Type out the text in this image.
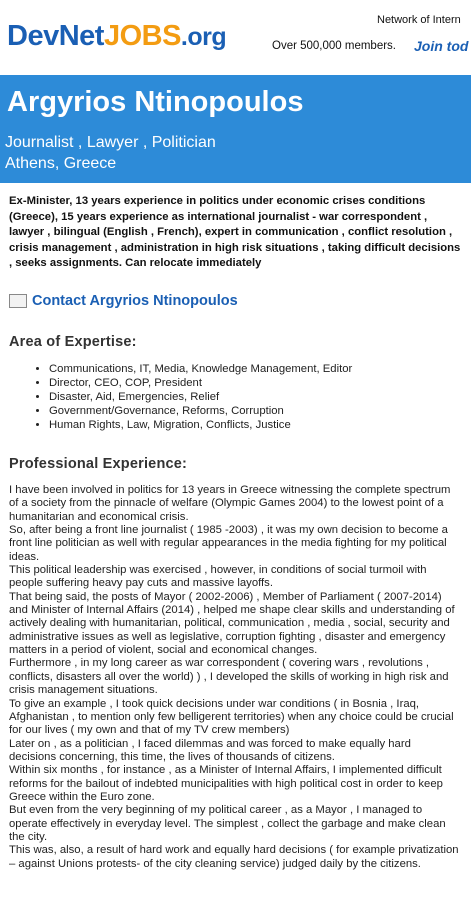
DevNetJOBS.org
Network of Intern
Over 500,000 members. Join tod
Argyrios Ntinopoulos
Journalist , Lawyer , Politician
Athens, Greece
Ex-Minister, 13 years experience in politics under economic crises conditions (Greece), 15 years experience as international journalist - war correspondent , lawyer , bilingual (English , French), expert in communication , conflict resolution , crisis management , administration in high risk situations , taking difficult decisions , seeks assignments. Can relocate immediately
Contact Argyrios Ntinopoulos
Area of Expertise:
• Communications, IT, Media, Knowledge Management, Editor
• Director, CEO, COP, President
• Disaster, Aid, Emergencies, Relief
• Government/Governance, Reforms, Corruption
• Human Rights, Law, Migration, Conflicts, Justice
Professional Experience:

I have been involved in politics for 13 years in Greece witnessing the complete spectrum of a society from the pinnacle of welfare (Olympic Games 2004) to the lowest point of a humanitarian and economical crisis.

So, after being a front line journalist ( 1985 -2003) , it was my own decision to become a front line politician as well with regular appearances in the media fighting for my political ideas.

This political leadership was exercised , however, in conditions of social turmoil with people suffering heavy pay cuts and massive layoffs.

That being said, the posts of Mayor ( 2002-2006) , Member of Parliament ( 2007-2014) and Minister of Internal Affairs (2014) , helped me shape clear skills and understanding of actively dealing with humanitarian, political, communication , media , social, security and administrative issues as well as legislative, corruption fighting , disaster and emergency matters in a period of violent, social and economical changes.

Furthermore , in my long career as war correspondent ( covering wars , revolutions , conflicts, disasters all over the world) ) , I developed the skills of working in high risk and crisis management situations.

To give an example , I took quick decisions under war conditions ( in Bosnia , Iraq, Afghanistan , to mention only few belligerent territories) when any choice could be crucial for our lives ( my own and that of my TV crew members)

Later on , as a politician , I faced dilemmas and was forced to make equally hard decisions concerning, this time, the lives of thousands of citizens.

Within six months , for instance , as a Minister of Internal Affairs, I implemented difficult reforms for the bailout of indebted municipalities with high political cost in order to keep Greece within the Euro zone.

But even from the very beginning of my political career , as a Mayor , I managed to operate effectively in everyday level. The simplest , collect the garbage and make clean the city.

This was, also, a result of hard work and equally hard decisions ( for example privatization – against Unions protests- of the city cleaning service) judged daily by the citizens.
